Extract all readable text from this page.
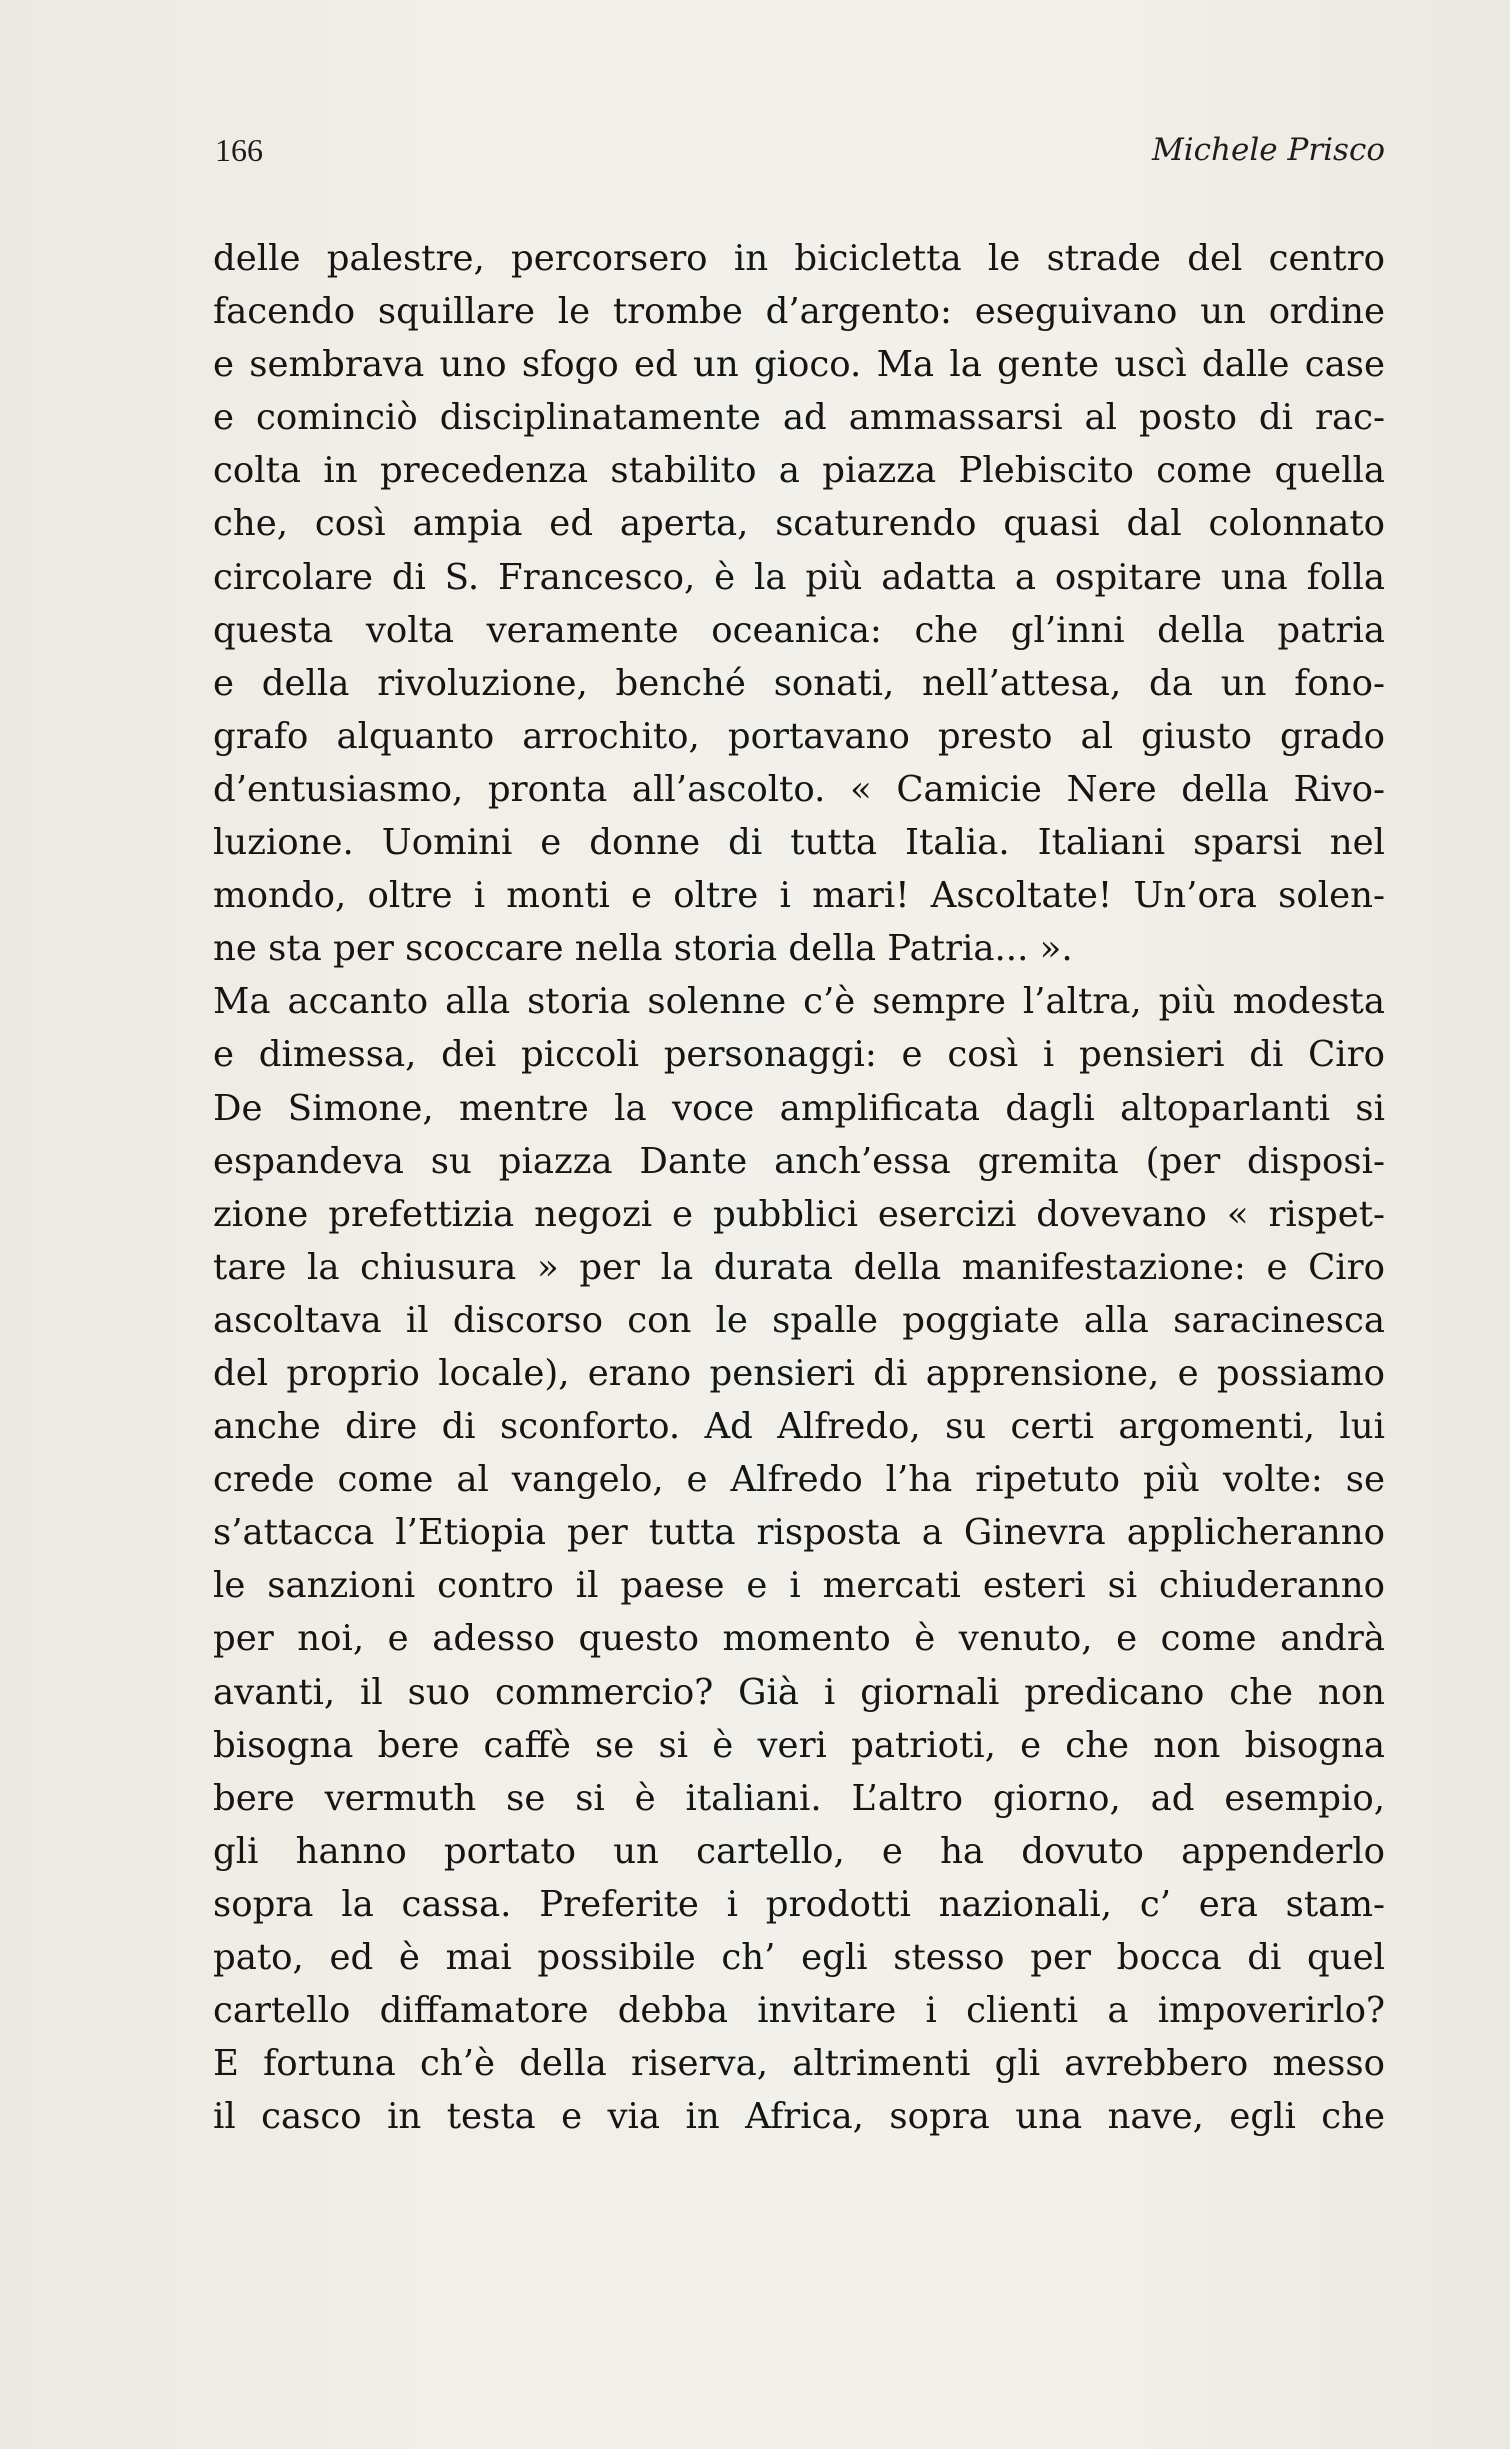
166	Michele Prisco
delle palestre, percorsero in bicicletta le strade del centro
facendo squillare le trombe d’argento: eseguivano un ordine
e sembrava uno sfogo ed un gioco. Ma la gente uscì dalle case
e cominciò disciplinatamente ad ammassarsi al posto di rac-
colta in precedenza stabilito a piazza Plebiscito come quella
che, così ampia ed aperta, scaturendo quasi dal colonnato
circolare di S. Francesco, è la più adatta a ospitare una folla
questa volta veramente oceanica: che gl’inni della patria
e della rivoluzione, benché sonati, nell’attesa, da un fono-
grafo alquanto arrochito, portavano presto al giusto grado
d’entusiasmo, pronta all’ascolto. « Camicie Nere della Rivo-
luzione. Uomini e donne di tutta Italia. Italiani sparsi nel
mondo, oltre i monti e oltre i mari! Ascoltate! Un’ora solen-
ne sta per scoccare nella storia della Patria... ».
Ma accanto alla storia solenne c’è sempre l’altra, più modesta
e dimessa, dei piccoli personaggi: e così i pensieri di Ciro
De Simone, mentre la voce amplificata dagli altoparlanti si
espandeva su piazza Dante anch’essa gremita (per disposi-
zione prefettizia negozi e pubblici esercizi dovevano « rispet-
tare la chiusura » per la durata della manifestazione: e Ciro
ascoltava il discorso con le spalle poggiate alla saracinesca
del proprio locale), erano pensieri di apprensione, e possiamo
anche dire di sconforto. Ad Alfredo, su certi argomenti, lui
crede come al vangelo, e Alfredo l’ha ripetuto più volte: se
s’attacca l’Etiopia per tutta risposta a Ginevra applicheranno
le sanzioni contro il paese e i mercati esteri si chiuderanno
per noi, e adesso questo momento è venuto, e come andrà
avanti, il suo commercio? Già i giornali predicano che non
bisogna bere caffè se si è veri patrioti, e che non bisogna
bere vermuth se si è italiani. L’altro giorno, ad esempio,
gli hanno portato un cartello, e ha dovuto appenderlo
sopra la cassa. Preferite i prodotti nazionali, c’ era stam-
pato, ed è mai possibile ch’ egli stesso per bocca di quel
cartello diffamatore debba invitare i clienti a impoverirlo?
E fortuna ch’è della riserva, altrimenti gli avrebbero messo
il casco in testa e via in Africa, sopra una nave, egli che
